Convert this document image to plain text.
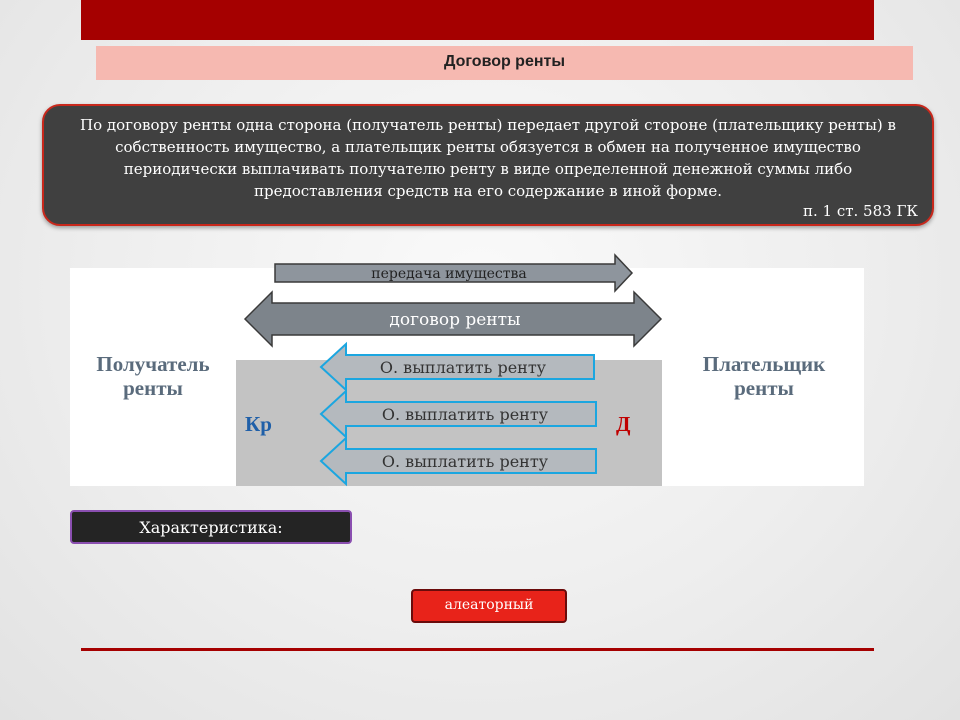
Договор ренты
По договору ренты одна сторона (получатель ренты) передает другой стороне (плательщику ренты) в собственность имущество, а плательщик ренты обязуется в обмен на полученное имущество периодически выплачивать получателю ренту в виде определенной денежной суммы либо предоставления средств на его содержание в иной форме.
п. 1 ст. 583 ГК
Получатель ренты
Плательщик ренты
Кр	Д
передача имущества
договор ренты
О. выплатить ренту
О. выплатить ренту
О. выплатить ренту
Характеристика:
алеаторный
